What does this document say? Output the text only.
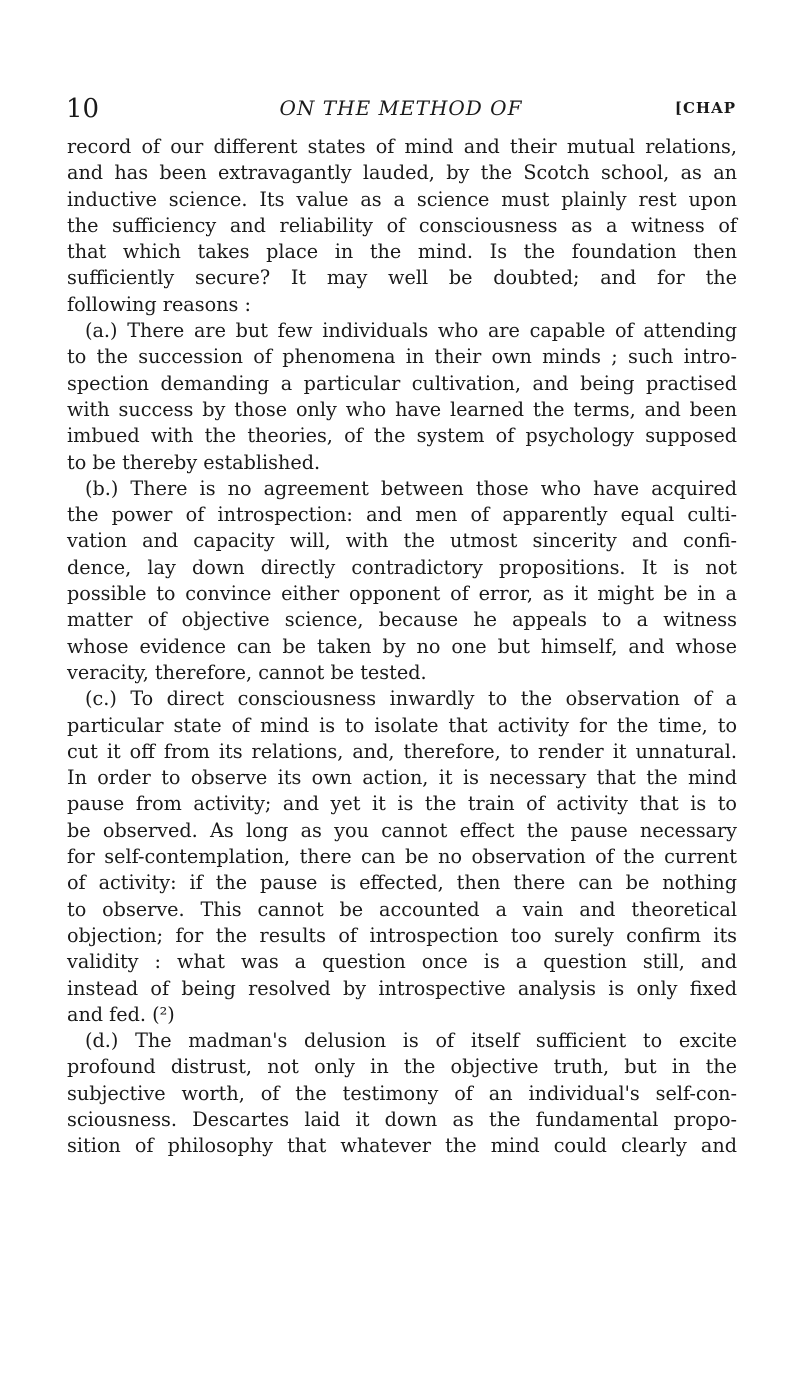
10	ON THE METHOD OF	[CHAP
record of our different states of mind and their mutual relations,
and has been extravagantly lauded, by the Scotch school, as an
inductive science. Its value as a science must plainly rest upon
the sufficiency and reliability of consciousness as a witness of
that which takes place in the mind. Is the foundation then
sufficiently secure? It may well be doubted; and for the
following reasons :
(a.) There are but few individuals who are capable of attending
to the succession of phenomena in their own minds ; such intro-
spection demanding a particular cultivation, and being practised
with success by those only who have learned the terms, and been
imbued with the theories, of the system of psychology supposed
to be thereby established.
(b.) There is no agreement between those who have acquired
the power of introspection: and men of apparently equal culti-
vation and capacity will, with the utmost sincerity and confi-
dence, lay down directly contradictory propositions. It is not
possible to convince either opponent of error, as it might be in a
matter of objective science, because he appeals to a witness
whose evidence can be taken by no one but himself, and whose
veracity, therefore, cannot be tested.
(c.) To direct consciousness inwardly to the observation of a
particular state of mind is to isolate that activity for the time, to
cut it off from its relations, and, therefore, to render it unnatural.
In order to observe its own action, it is necessary that the mind
pause from activity; and yet it is the train of activity that is to
be observed. As long as you cannot effect the pause necessary
for self-contemplation, there can be no observation of the current
of activity: if the pause is effected, then there can be nothing
to observe. This cannot be accounted a vain and theoretical
objection; for the results of introspection too surely confirm its
validity : what was a question once is a question still, and
instead of being resolved by introspective analysis is only fixed
and fed. (²)
(d.) The madman's delusion is of itself sufficient to excite
profound distrust, not only in the objective truth, but in the
subjective worth, of the testimony of an individual's self-con-
sciousness. Descartes laid it down as the fundamental propo-
sition of philosophy that whatever the mind could clearly and
